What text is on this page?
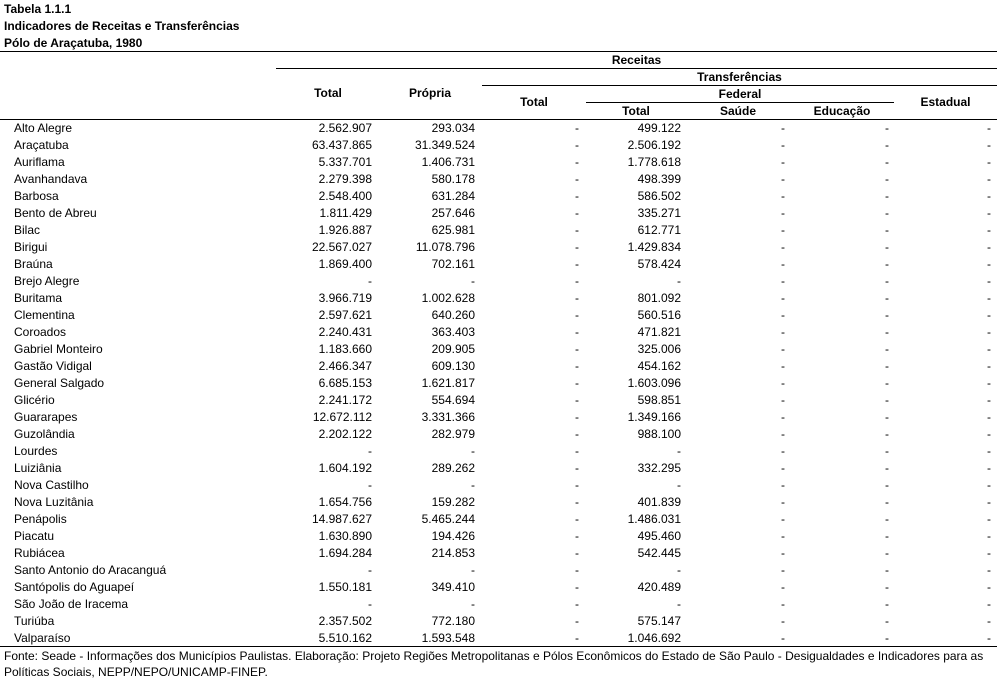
Tabela 1.1.1
Indicadores de Receitas e Transferências
Pólo de Araçatuba, 1980
Receitas
Total	Própria
Transferências
Total
Federal
Total	Saúde	Educação
Estadual
Alto Alegre	2.562.907	293.034	-	499.122	-	-	-
Araçatuba	63.437.865	31.349.524	-	2.506.192	-	-	-
Auriflama	5.337.701	1.406.731	-	1.778.618	-	-	-
Avanhandava	2.279.398	580.178	-	498.399	-	-	-
Barbosa	2.548.400	631.284	-	586.502	-	-	-
Bento de Abreu	1.811.429	257.646	-	335.271	-	-	-
Bilac	1.926.887	625.981	-	612.771	-	-	-
Birigui	22.567.027	11.078.796	-	1.429.834	-	-	-
Braúna	1.869.400	702.161	-	578.424	-	-	-
Brejo Alegre	-	-	-	-	-	-	-
Buritama	3.966.719	1.002.628	-	801.092	-	-	-
Clementina	2.597.621	640.260	-	560.516	-	-	-
Coroados	2.240.431	363.403	-	471.821	-	-	-
Gabriel Monteiro	1.183.660	209.905	-	325.006	-	-	-
Gastão Vidigal	2.466.347	609.130	-	454.162	-	-	-
General Salgado	6.685.153	1.621.817	-	1.603.096	-	-	-
Glicério	2.241.172	554.694	-	598.851	-	-	-
Guararapes	12.672.112	3.331.366	-	1.349.166	-	-	-
Guzolândia	2.202.122	282.979	-	988.100	-	-	-
Lourdes	-	-	-	-	-	-	-
Luiziânia	1.604.192	289.262	-	332.295	-	-	-
Nova Castilho	-	-	-	-	-	-	-
Nova Luzitânia	1.654.756	159.282	-	401.839	-	-	-
Penápolis	14.987.627	5.465.244	-	1.486.031	-	-	-
Piacatu	1.630.890	194.426	-	495.460	-	-	-
Rubiácea	1.694.284	214.853	-	542.445	-	-	-
Santo Antonio do Aracanguá	-	-	-	-	-	-	-
Santópolis do Aguapeí	1.550.181	349.410	-	420.489	-	-	-
São João de Iracema	-	-	-	-	-	-	-
Turiúba	2.357.502	772.180	-	575.147	-	-	-
Valparaíso	5.510.162	1.593.548	-	1.046.692	-	-	-
Fonte: Seade - Informações dos Municípios Paulistas. Elaboração: Projeto Regiões Metropolitanas e Pólos Econômicos do Estado de São Paulo - Desigualdades e Indicadores para as Políticas Sociais, NEPP/NEPO/UNICAMP-FINEP.
